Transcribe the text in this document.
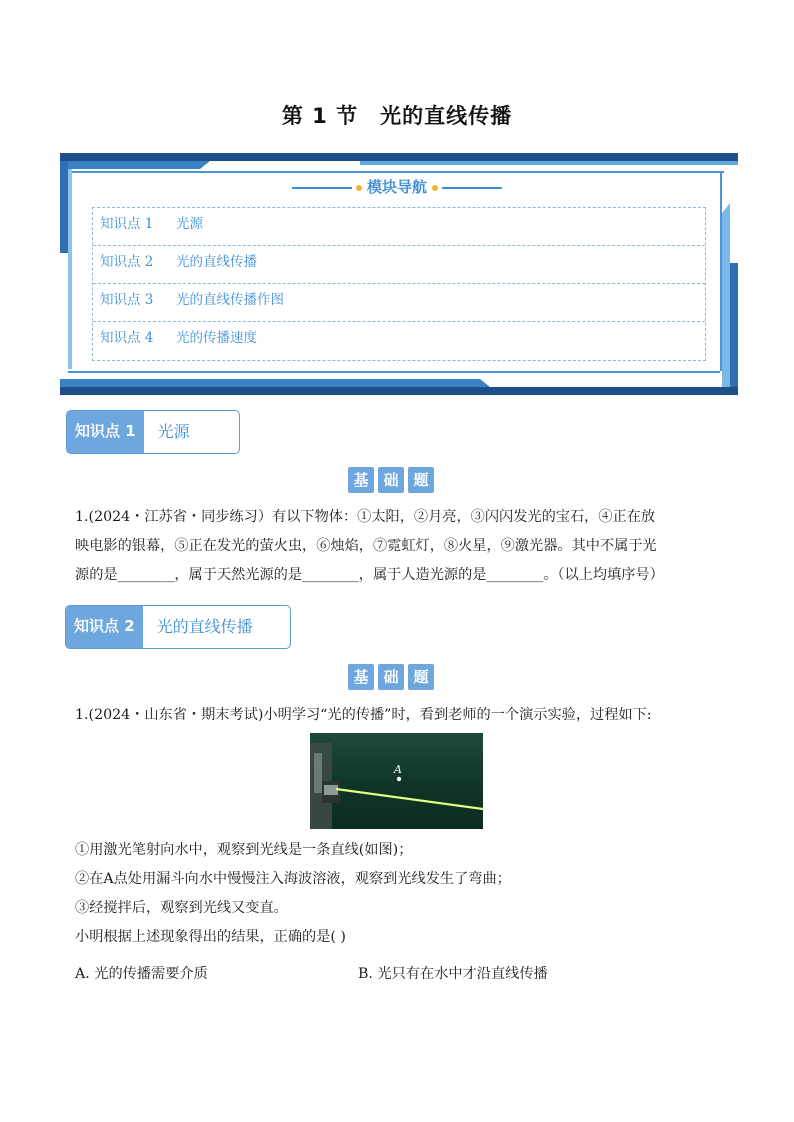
第 1 节 光的直线传播
模块导航
知识点 1 光源
知识点 2 光的直线传播
知识点 3 光的直线传播作图
知识点 4 光的传播速度
知识点 1	光源
基 础 题

1.(2024・江苏省・同步练习）有以下物体：①太阳，②月亮，③闪闪发光的宝石，④正在放

映电影的银幕，⑤正在发光的萤火虫，⑥烛焰，⑦霓虹灯，⑧火星，⑨激光器。其中不属于光

源的是________，属于天然光源的是________，属于人造光源的是________。（以上均填序号）

知识点 2	光的直线传播
基 础 题

1.(2024・山东省・期末考试)小明学习“光的传播”时，看到老师的一个演示实验，过程如下:

A

①用激光笔射向水中，观察到光线是一条直线(如图)；

②在A点处用漏斗向水中慢慢注入海波溶液，观察到光线发生了弯曲；

③经搅拌后，观察到光线又变直。

小明根据上述现象得出的结果，正确的是( )

A. 光的传播需要介质	B. 光只有在水中才沿直线传播
